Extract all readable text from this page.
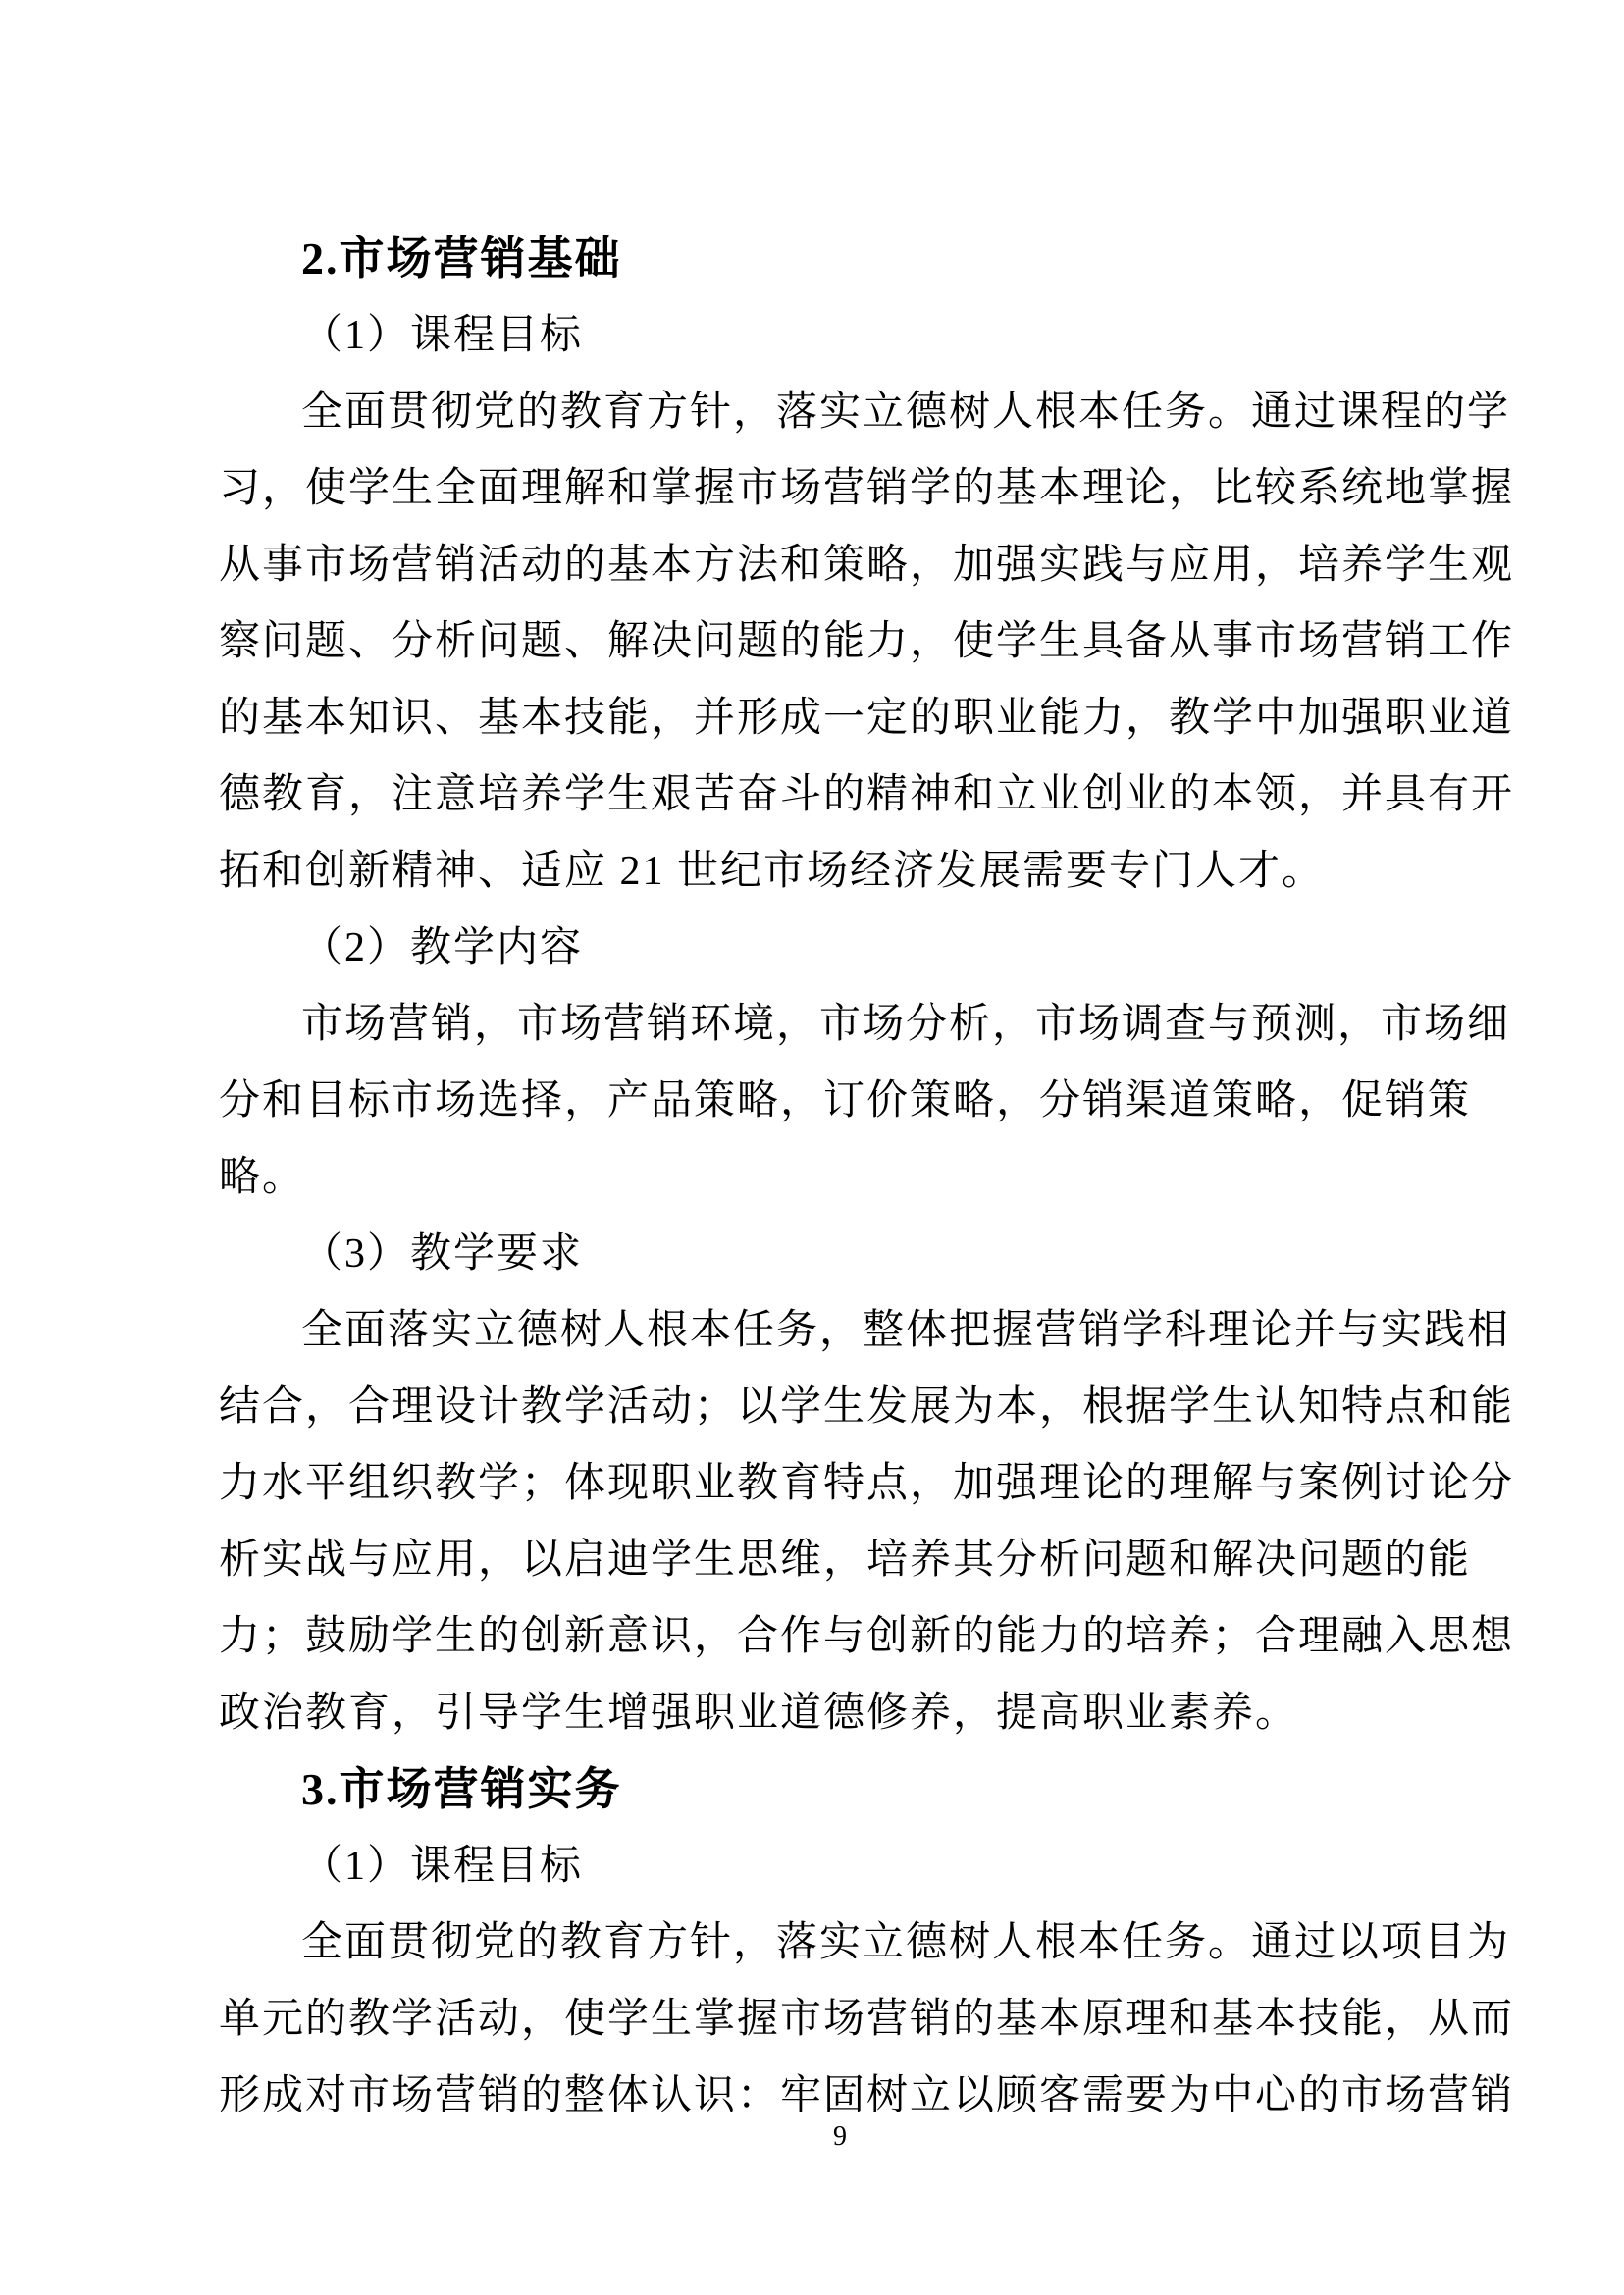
2.市场营销基础
（1）课程目标
全面贯彻党的教育方针，落实立德树人根本任务。通过课程的学
习，使学生全面理解和掌握市场营销学的基本理论，比较系统地掌握
从事市场营销活动的基本方法和策略，加强实践与应用，培养学生观
察问题、分析问题、解决问题的能力，使学生具备从事市场营销工作
的基本知识、基本技能，并形成一定的职业能力，教学中加强职业道
德教育，注意培养学生艰苦奋斗的精神和立业创业的本领，并具有开
拓和创新精神、适应 21 世纪市场经济发展需要专门人才。
（2）教学内容
市场营销，市场营销环境，市场分析，市场调查与预测，市场细
分和目标市场选择，产品策略，订价策略，分销渠道策略，促销策
略。
（3）教学要求
全面落实立德树人根本任务，整体把握营销学科理论并与实践相
结合，合理设计教学活动；以学生发展为本，根据学生认知特点和能
力水平组织教学；体现职业教育特点，加强理论的理解与案例讨论分
析实战与应用，以启迪学生思维，培养其分析问题和解决问题的能
力；鼓励学生的创新意识，合作与创新的能力的培养；合理融入思想
政治教育，引导学生增强职业道德修养，提高职业素养。
3.市场营销实务
（1）课程目标
全面贯彻党的教育方针，落实立德树人根本任务。通过以项目为
单元的教学活动，使学生掌握市场营销的基本原理和基本技能，从而
形成对市场营销的整体认识：牢固树立以顾客需要为中心的市场营销
9
